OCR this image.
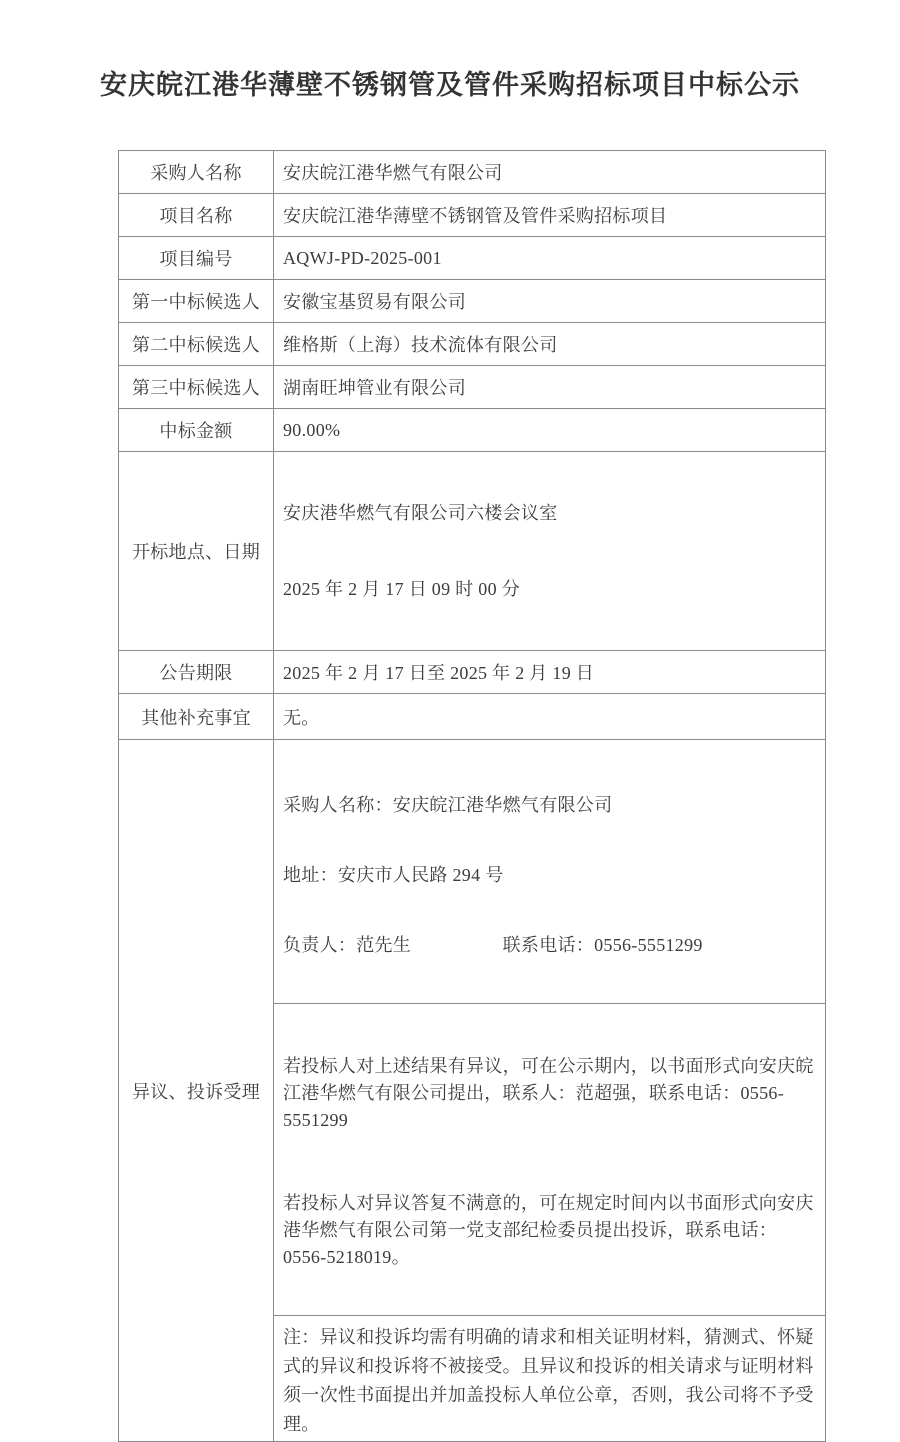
安庆皖江港华薄壁不锈钢管及管件采购招标项目中标公示
采购人名称	安庆皖江港华燃气有限公司
项目名称	安庆皖江港华薄壁不锈钢管及管件采购招标项目
项目编号	AQWJ-PD-2025-001
第一中标候选人	安徽宝基贸易有限公司
第二中标候选人	维格斯（上海）技术流体有限公司
第三中标候选人	湖南旺坤管业有限公司
中标金额	90.00%
开标地点、日期	安庆港华燃气有限公司六楼会议室

2025 年 2 月 17 日 09 时 00 分

公告期限	2025 年 2 月 17 日至 2025 年 2 月 19 日
其他补充事宜	无。
异议、投诉受理	采购人名称：安庆皖江港华燃气有限公司

地址：安庆市人民路 294 号

负责人：范先生　　　　　联系电话：0556-5551299

	若投标人对上述结果有异议，可在公示期内，以书面形式向安庆皖江港华燃气有限公司提出，联系人：范超强，联系电话：0556-5551299

若投标人对异议答复不满意的，可在规定时间内以书面形式向安庆港华燃气有限公司第一党支部纪检委员提出投诉，联系电话：0556-5218019。

	注：异议和投诉均需有明确的请求和相关证明材料，猜测式、怀疑式的异议和投诉将不被接受。且异议和投诉的相关请求与证明材料须一次性书面提出并加盖投标人单位公章，否则，我公司将不予受理。
